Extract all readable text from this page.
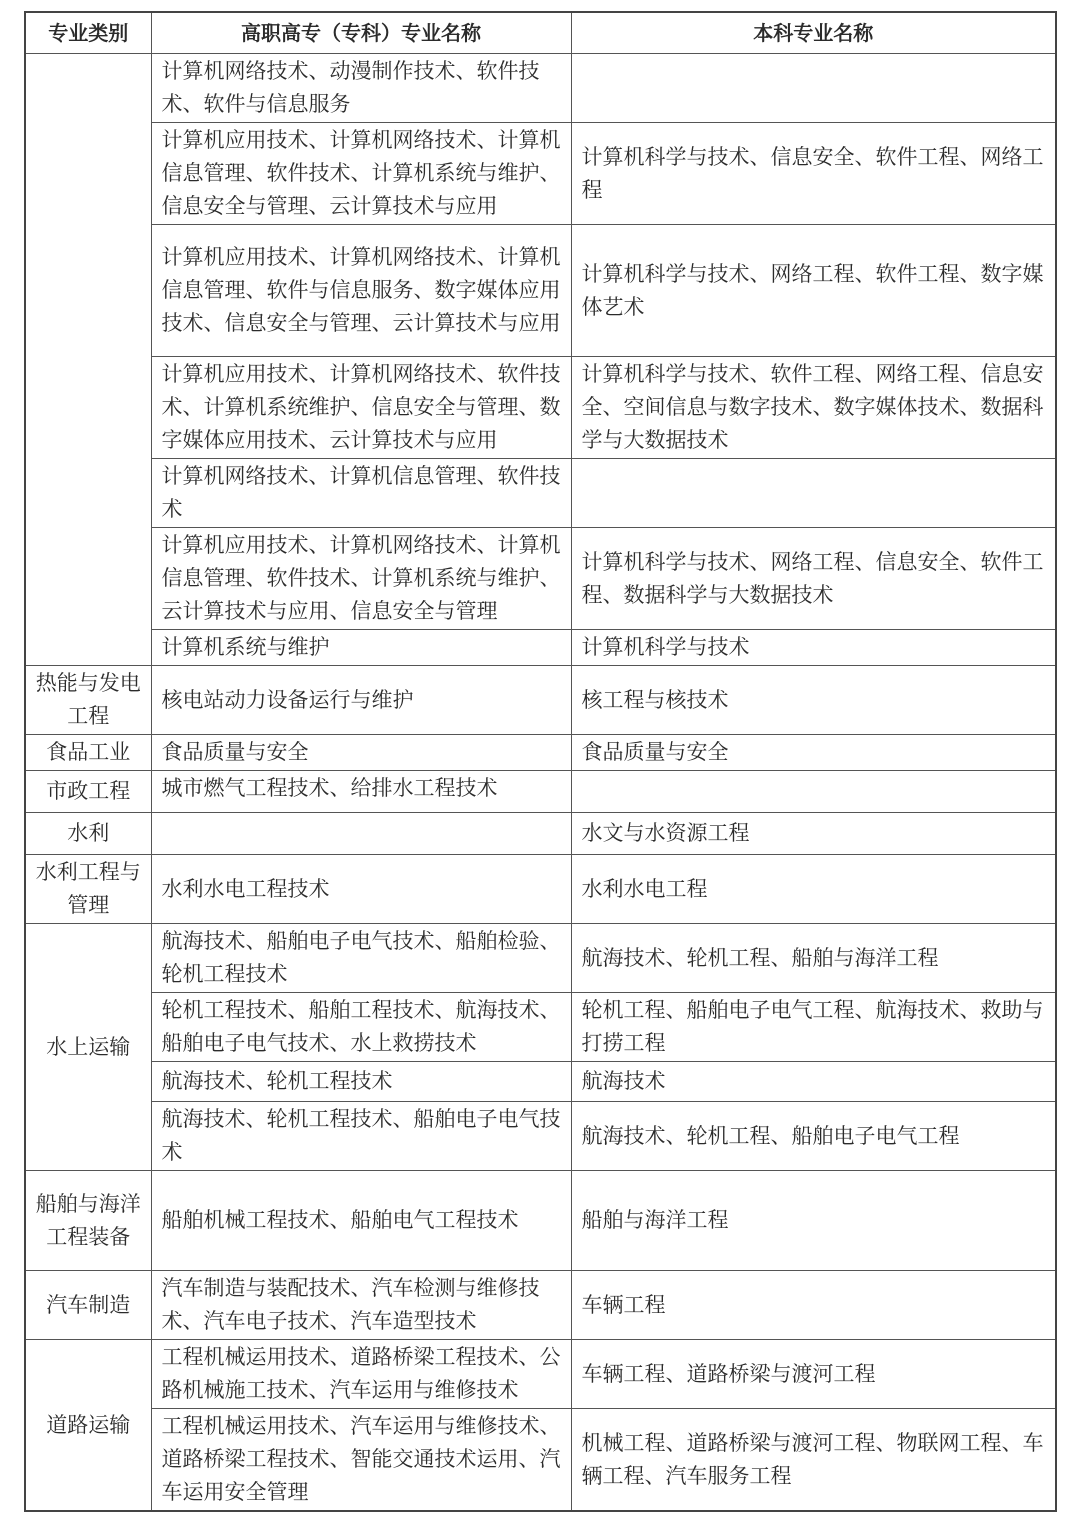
专业类别	高职高专（专科）专业名称	本科专业名称
	计算机网络技术、动漫制作技术、软件技术、软件与信息服务	
	计算机应用技术、计算机网络技术、计算机信息管理、软件技术、计算机系统与维护、信息安全与管理、云计算技术与应用	计算机科学与技术、信息安全、软件工程、网络工程
	计算机应用技术、计算机网络技术、计算机信息管理、软件与信息服务、数字媒体应用技术、信息安全与管理、云计算技术与应用	计算机科学与技术、网络工程、软件工程、数字媒体艺术
	计算机应用技术、计算机网络技术、软件技术、计算机系统维护、信息安全与管理、数字媒体应用技术、云计算技术与应用	计算机科学与技术、软件工程、网络工程、信息安全、空间信息与数字技术、数字媒体技术、数据科学与大数据技术
	计算机网络技术、计算机信息管理、软件技术	
	计算机应用技术、计算机网络技术、计算机信息管理、软件技术、计算机系统与维护、云计算技术与应用、信息安全与管理	计算机科学与技术、网络工程、信息安全、软件工程、数据科学与大数据技术
	计算机系统与维护	计算机科学与技术
热能与发电工程	核电站动力设备运行与维护	核工程与核技术
食品工业	食品质量与安全	食品质量与安全
市政工程	城市燃气工程技术、给排水工程技术	
水利		水文与水资源工程
水利工程与管理	水利水电工程技术	水利水电工程
水上运输	航海技术、船舶电子电气技术、船舶检验、轮机工程技术	航海技术、轮机工程、船舶与海洋工程
	轮机工程技术、船舶工程技术、航海技术、船舶电子电气技术、水上救捞技术	轮机工程、船舶电子电气工程、航海技术、救助与打捞工程
	航海技术、轮机工程技术	航海技术
	航海技术、轮机工程技术、船舶电子电气技术	航海技术、轮机工程、船舶电子电气工程
船舶与海洋工程装备	船舶机械工程技术、船舶电气工程技术	船舶与海洋工程
汽车制造	汽车制造与装配技术、汽车检测与维修技术、汽车电子技术、汽车造型技术	车辆工程
道路运输	工程机械运用技术、道路桥梁工程技术、公路机械施工技术、汽车运用与维修技术	车辆工程、道路桥梁与渡河工程
	工程机械运用技术、汽车运用与维修技术、道路桥梁工程技术、智能交通技术运用、汽车运用安全管理	机械工程、道路桥梁与渡河工程、物联网工程、车辆工程、汽车服务工程
